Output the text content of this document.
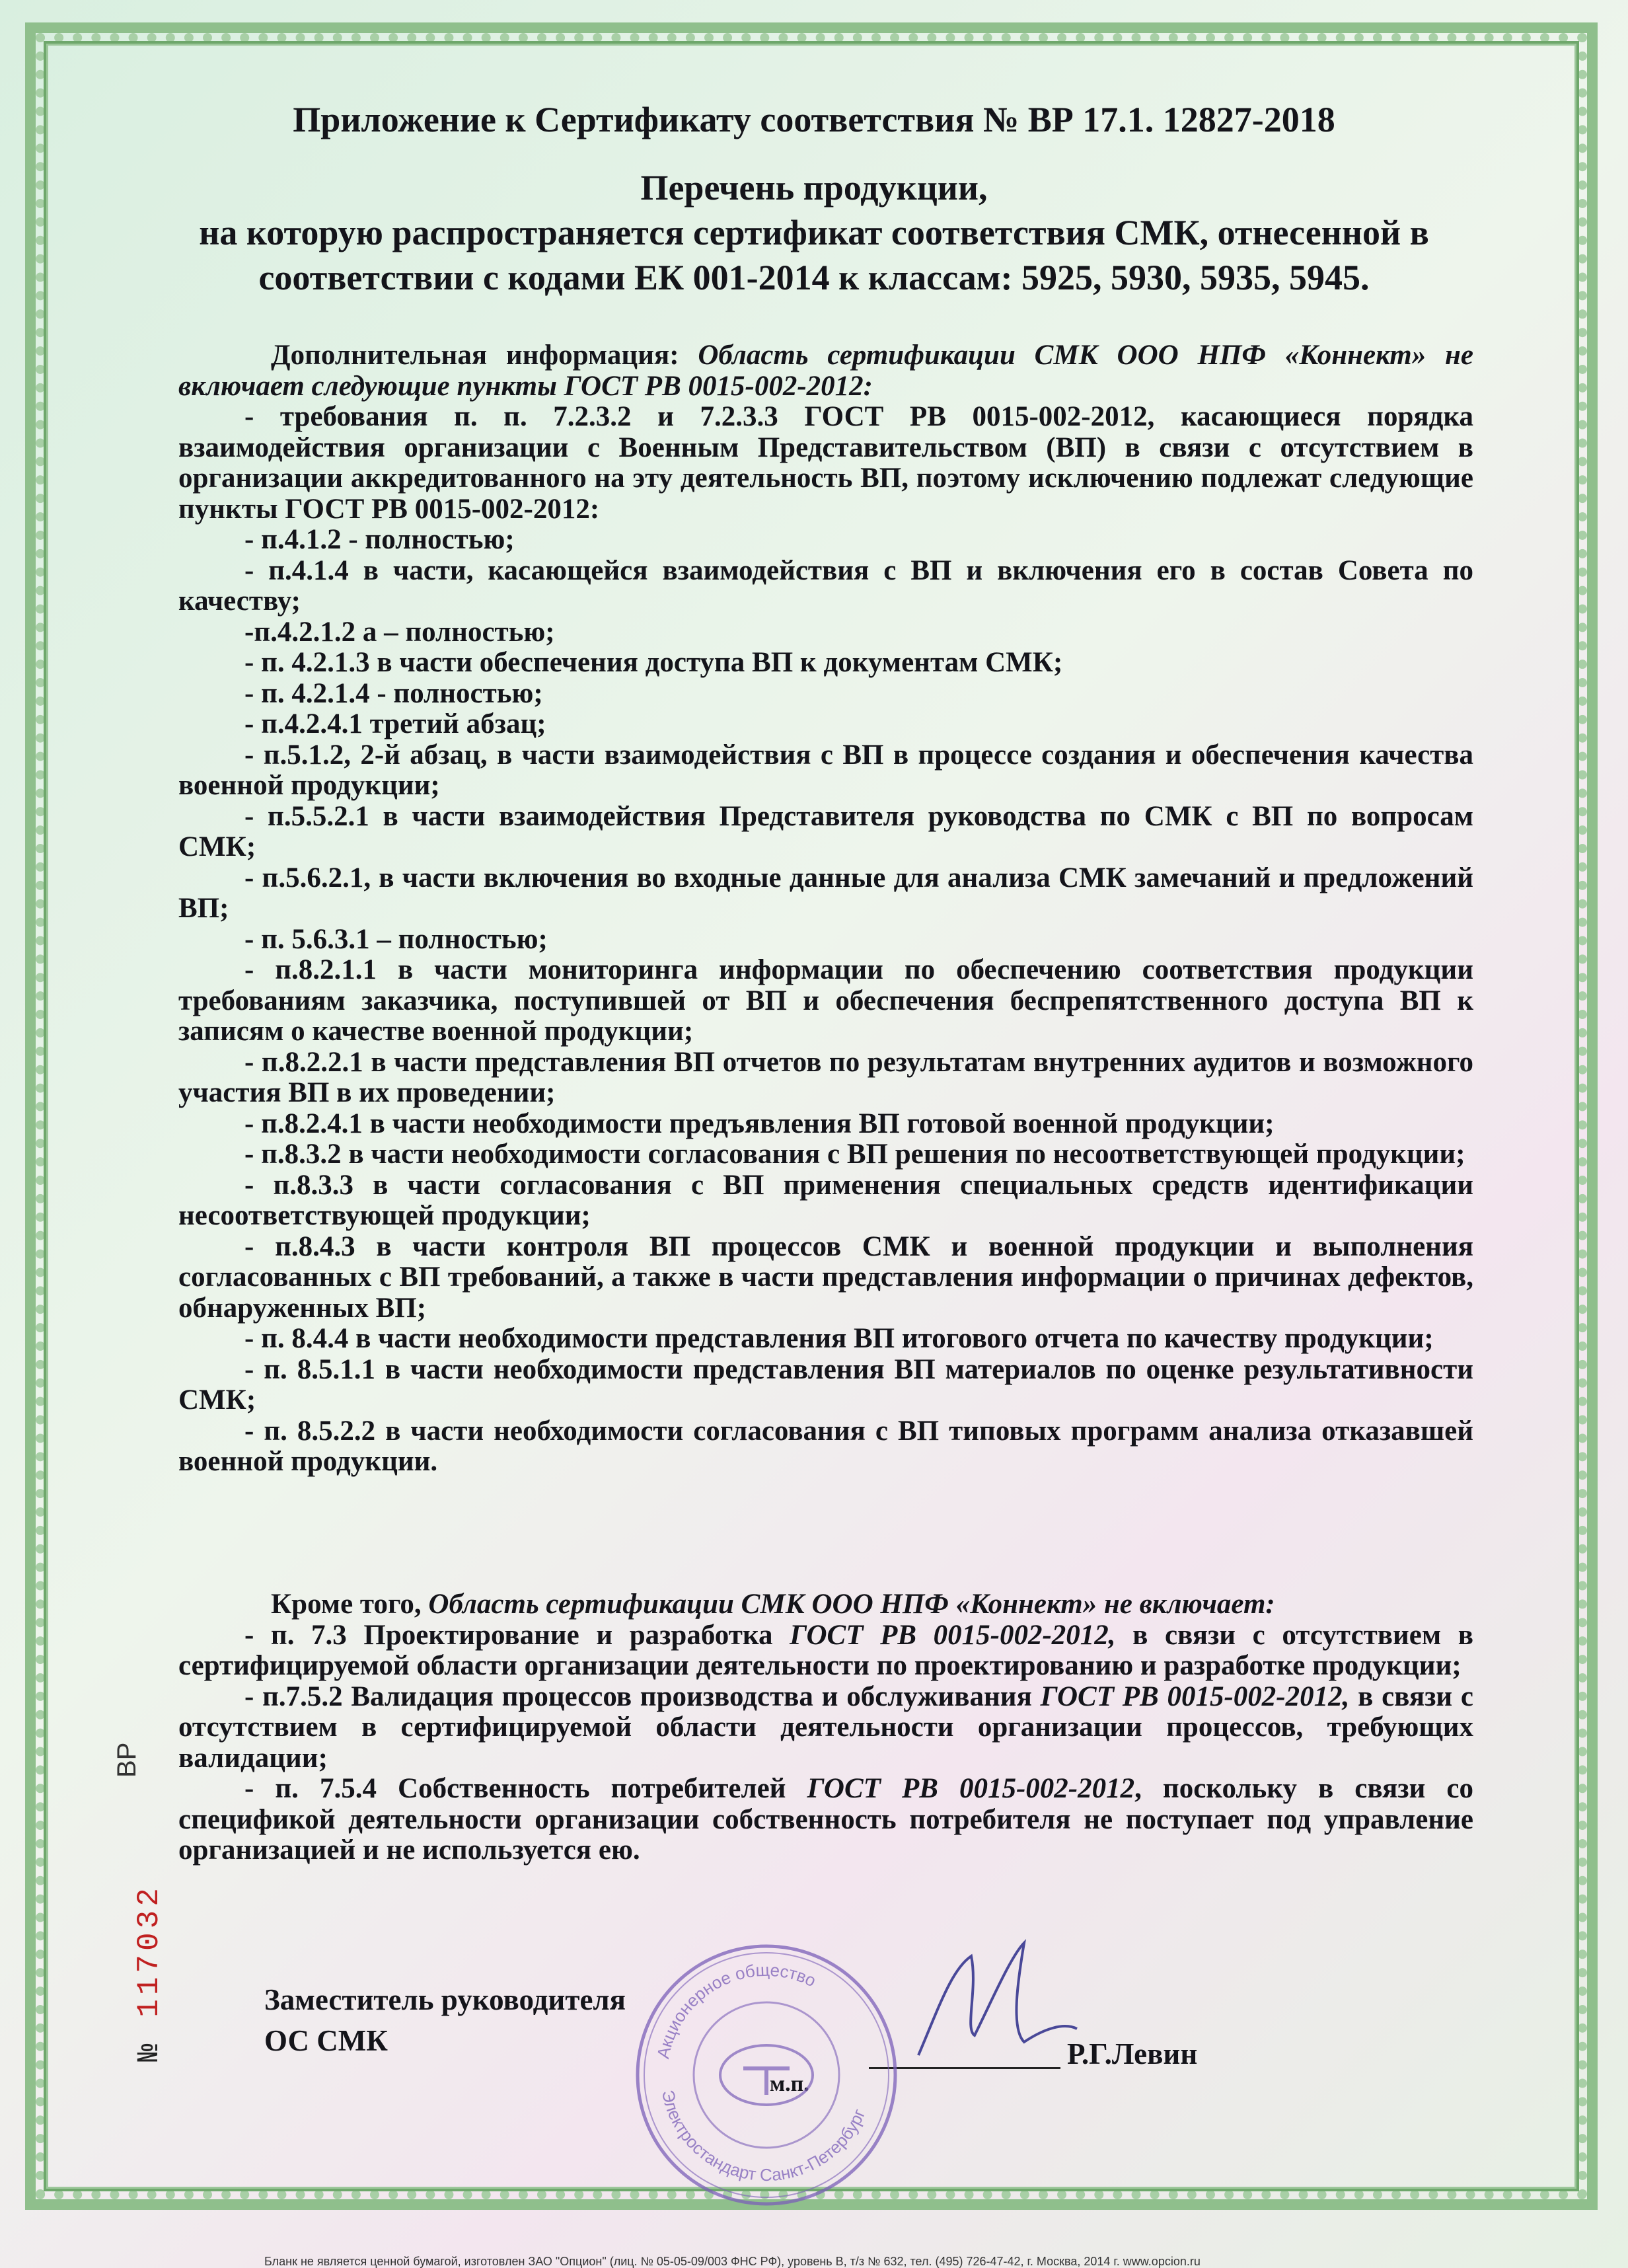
Приложение к Сертификату соответствия № ВР 17.1. 12827-2018
Перечень продукции,
на которую распространяется сертификат соответствия СМК, отнесенной в
соответствии с кодами ЕК 001-2014 к классам: 5925, 5930, 5935, 5945.

Дополнительная информация: Область сертификации СМК ООО НПФ «Коннект» не включает следующие пункты ГОСТ РВ 0015-002-2012:

- требования п. п. 7.2.3.2 и 7.2.3.3 ГОСТ РВ 0015-002-2012, касающиеся порядка взаимодействия организации с Военным Представительством (ВП) в связи с отсутствием в организации аккредитованного на эту деятельность ВП, поэтому исключению подлежат следующие пункты ГОСТ РВ 0015-002-2012:

- п.4.1.2 - полностью;

- п.4.1.4 в части, касающейся взаимодействия с ВП и включения его в состав Совета по качеству;

-п.4.2.1.2 а – полностью;

- п. 4.2.1.3 в части обеспечения доступа ВП к документам СМК;

- п. 4.2.1.4 - полностью;

- п.4.2.4.1 третий абзац;

- п.5.1.2, 2-й абзац, в части взаимодействия с ВП в процессе создания и обеспечения качества военной продукции;

- п.5.5.2.1 в части взаимодействия Представителя руководства по СМК с ВП по вопросам СМК;

- п.5.6.2.1, в части включения во входные данные для анализа СМК замечаний и предложений ВП;

- п. 5.6.3.1 – полностью;

- п.8.2.1.1 в части мониторинга информации по обеспечению соответствия продукции требованиям заказчика, поступившей от ВП и обеспечения беспрепятственного доступа ВП к записям о качестве военной продукции;

- п.8.2.2.1 в части представления ВП отчетов по результатам внутренних аудитов и возможного участия ВП в их проведении;

- п.8.2.4.1 в части необходимости предъявления ВП готовой военной продукции;

- п.8.3.2 в части необходимости согласования с ВП решения по несоответствующей продукции;

- п.8.3.3 в части согласования с ВП применения специальных средств идентификации несоответствующей продукции;

- п.8.4.3 в части контроля ВП процессов СМК и военной продукции и выполнения согласованных с ВП требований, а также в части представления информации о причинах дефектов, обнаруженных ВП;

- п. 8.4.4 в части необходимости представления ВП итогового отчета по качеству продукции;

- п. 8.5.1.1 в части необходимости представления ВП материалов по оценке результативности СМК;

- п. 8.5.2.2 в части необходимости согласования с ВП типовых программ анализа отказавшей военной продукции.

Кроме того, Область сертификации СМК ООО НПФ «Коннект» не включает:

- п. 7.3 Проектирование и разработка ГОСТ РВ 0015-002-2012, в связи с отсутствием в сертифицируемой области организации деятельности по проектированию и разработке продукции;

- п.7.5.2 Валидация процессов производства и обслуживания ГОСТ РВ 0015-002-2012, в связи с отсутствием в сертифицируемой области деятельности организации процессов, требующих валидации;

- п. 7.5.4 Собственность потребителей ГОСТ РВ 0015-002-2012, поскольку в связи со спецификой деятельности организации собственность потребителя не поступает под управление организацией и не используется ею.

Заместитель руководителя
ОС СМК	Р.Г.Левин
м.п.
Акционерное общество
Электростандарт Санкт-Петербург
ВР
№ 117032
Бланк не является ценной бумагой, изготовлен ЗАО "Опцион" (лиц. № 05-05-09/003 ФНС РФ), уровень В, т/з № 632, тел. (495) 726-47-42, г. Москва, 2014 г. www.opcion.ru
